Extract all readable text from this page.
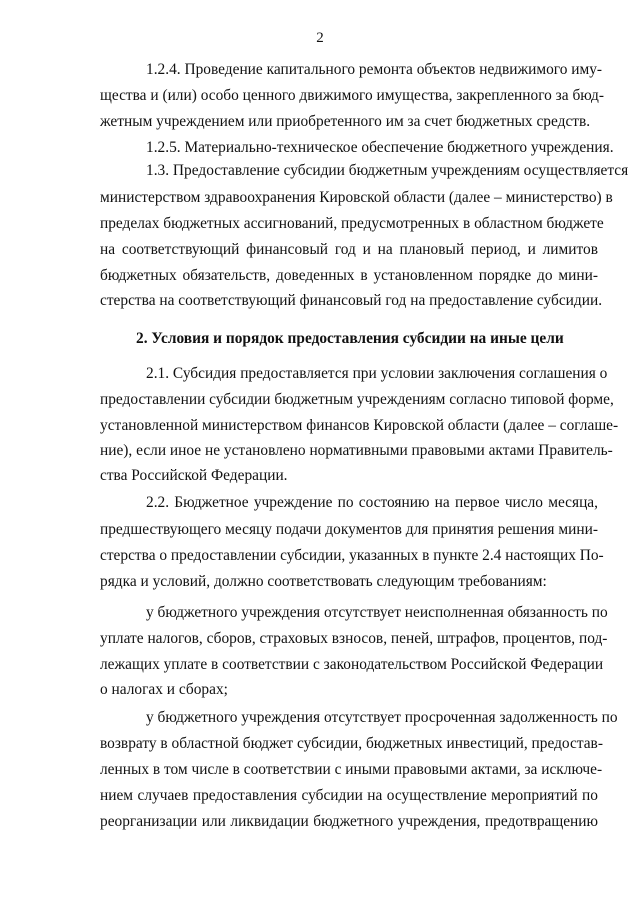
2
1.2.4. Проведение капитального ремонта объектов недвижимого иму-
щества и (или) особо ценного движимого имущества, закрепленного за бюд-
жетным учреждением или приобретенного им за счет бюджетных средств.
1.2.5. Материально-техническое обеспечение бюджетного учреждения.
1.3. Предоставление субсидии бюджетным учреждениям осуществляется
министерством здравоохранения Кировской области (далее – министерство) в
пределах бюджетных ассигнований, предусмотренных в областном бюджете
на соответствующий финансовый год и на плановый период, и лимитов
бюджетных обязательств, доведенных в установленном порядке до мини-
стерства на соответствующий финансовый год на предоставление субсидии.
2. Условия и порядок предоставления субсидии на иные цели
2.1. Субсидия предоставляется при условии заключения соглашения о
предоставлении субсидии бюджетным учреждениям согласно типовой форме,
установленной министерством финансов Кировской области (далее – соглаше-
ние), если иное не установлено нормативными правовыми актами Правитель-
ства Российской Федерации.
2.2. Бюджетное учреждение по состоянию на первое число месяца,
предшествующего месяцу подачи документов для принятия решения мини-
стерства о предоставлении субсидии, указанных в пункте 2.4 настоящих По-
рядка и условий, должно соответствовать следующим требованиям:
у бюджетного учреждения отсутствует неисполненная обязанность по
уплате налогов, сборов, страховых взносов, пеней, штрафов, процентов, под-
лежащих уплате в соответствии с законодательством Российской Федерации
о налогах и сборах;
у бюджетного учреждения отсутствует просроченная задолженность по
возврату в областной бюджет субсидии, бюджетных инвестиций, предостав-
ленных в том числе в соответствии с иными правовыми актами, за исключе-
нием случаев предоставления субсидии на осуществление мероприятий по
реорганизации или ликвидации бюджетного учреждения, предотвращению
